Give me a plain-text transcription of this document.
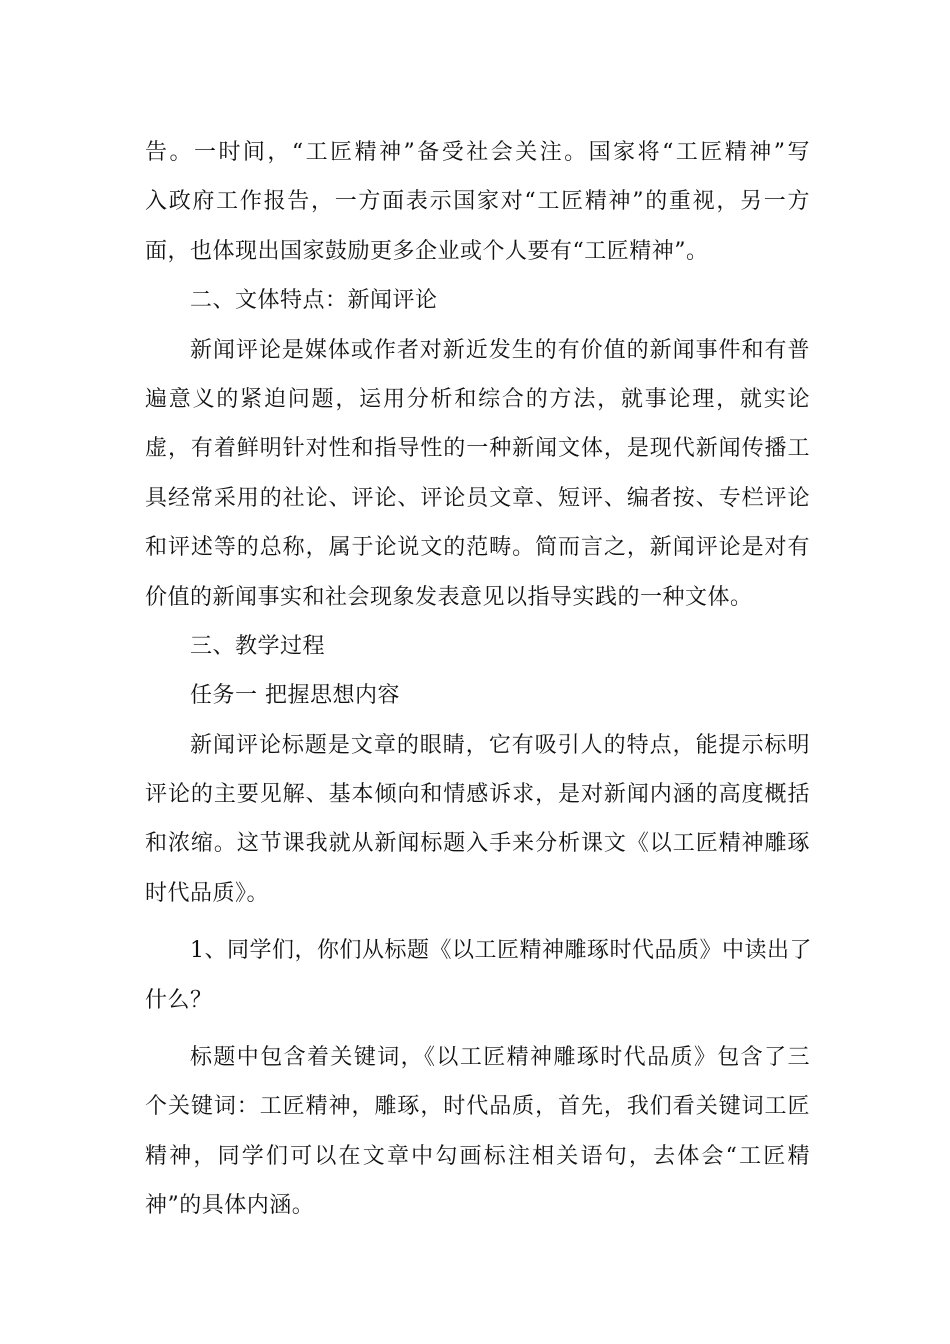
告。一时间，“工匠精神”备受社会关注。国家将“工匠精神”写
入政府工作报告，一方面表示国家对“工匠精神”的重视，另一方
面，也体现出国家鼓励更多企业或个人要有“工匠精神”。
二、文体特点：新闻评论
新闻评论是媒体或作者对新近发生的有价值的新闻事件和有普
遍意义的紧迫问题，运用分析和综合的方法，就事论理，就实论
虚，有着鲜明针对性和指导性的一种新闻文体，是现代新闻传播工
具经常采用的社论、评论、评论员文章、短评、编者按、专栏评论
和评述等的总称，属于论说文的范畴。简而言之，新闻评论是对有
价值的新闻事实和社会现象发表意见以指导实践的一种文体。
三、教学过程
任务一 把握思想内容
新闻评论标题是文章的眼睛，它有吸引人的特点，能提示标明
评论的主要见解、基本倾向和情感诉求，是对新闻内涵的高度概括
和浓缩。这节课我就从新闻标题入手来分析课文《以工匠精神雕琢
时代品质》。
1、同学们，你们从标题《以工匠精神雕琢时代品质》中读出了
什么？
标题中包含着关键词，《以工匠精神雕琢时代品质》包含了三
个关键词：工匠精神，雕琢，时代品质，首先，我们看关键词工匠
精神，同学们可以在文章中勾画标注相关语句，去体会“工匠精
神”的具体内涵。
